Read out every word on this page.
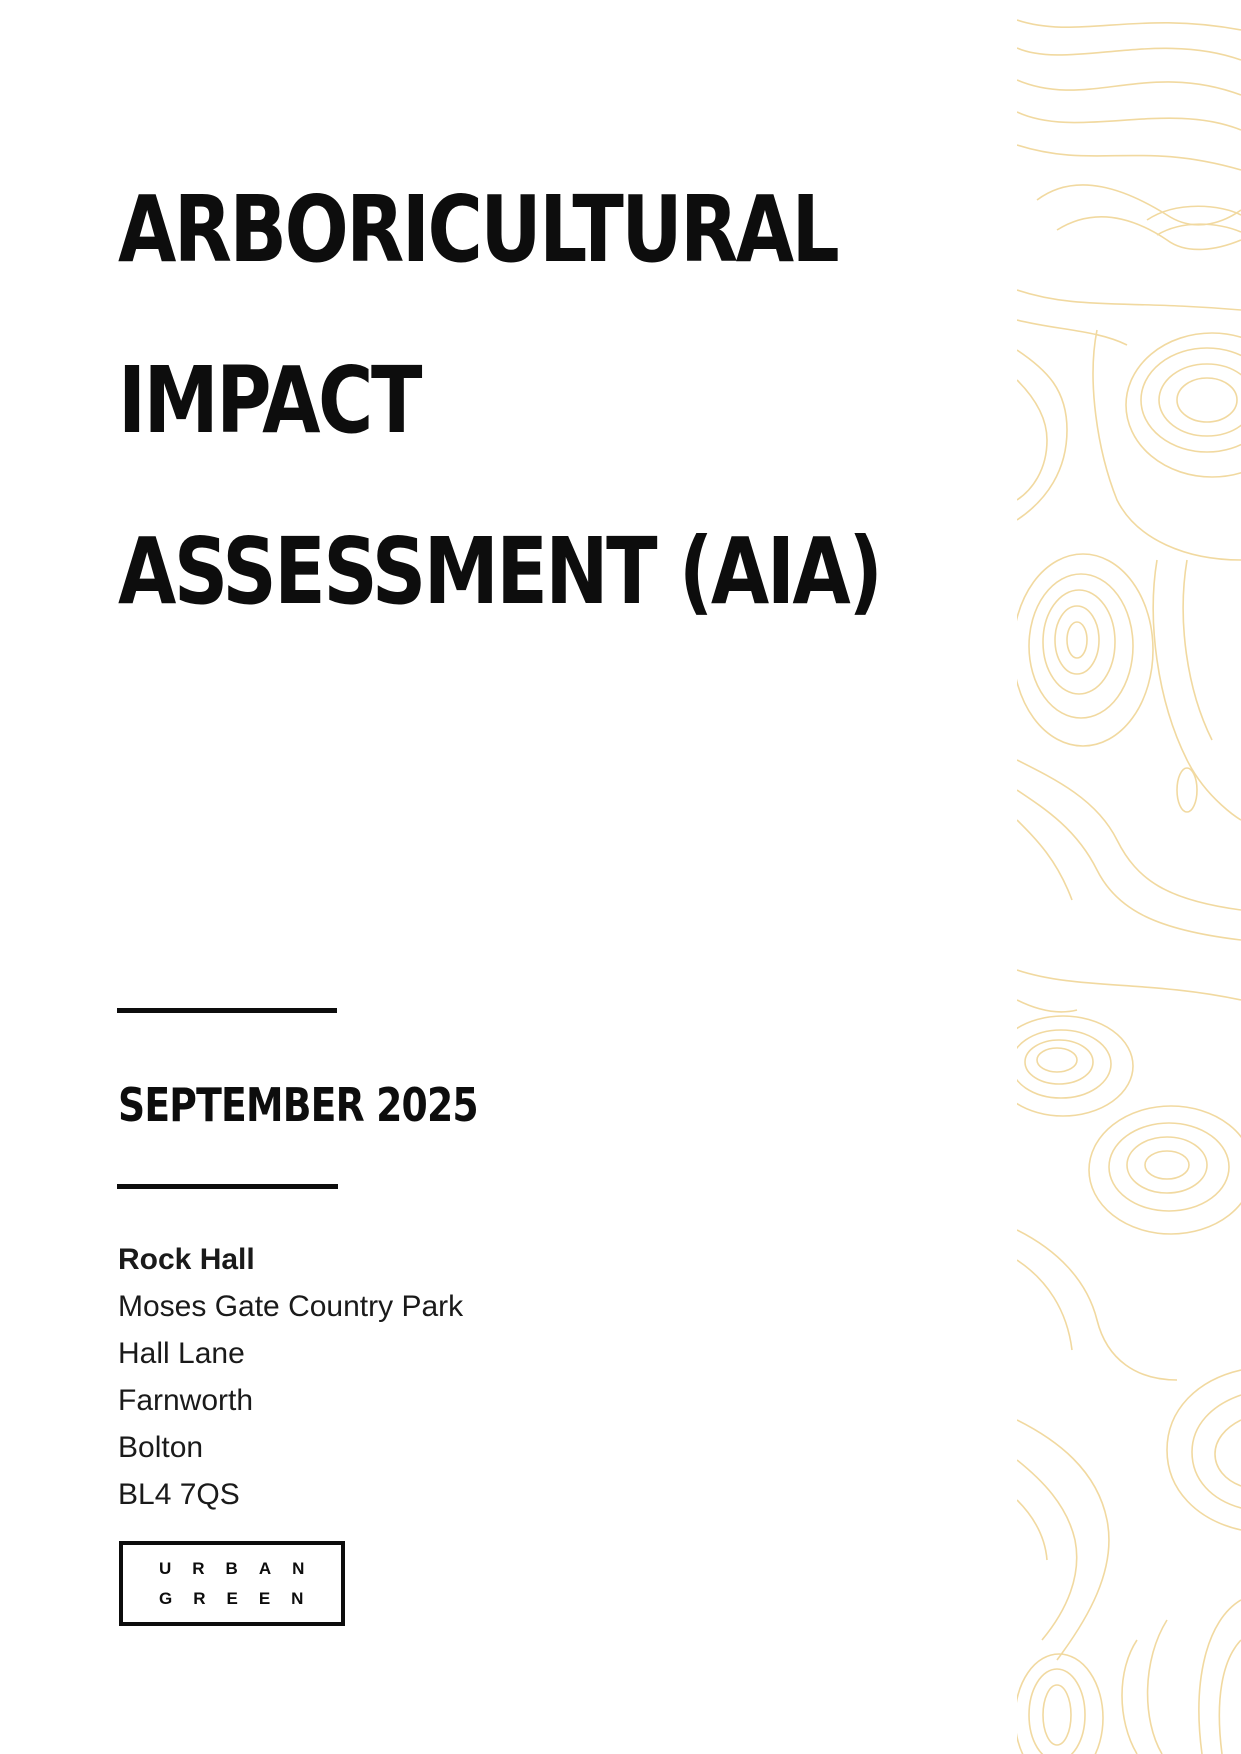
ARBORICULTURAL
IMPACT
ASSESSMENT (AIA)
SEPTEMBER 2025
Rock Hall
Moses Gate Country Park
Hall Lane
Farnworth
Bolton
BL4 7QS
URBAN
GREEN
